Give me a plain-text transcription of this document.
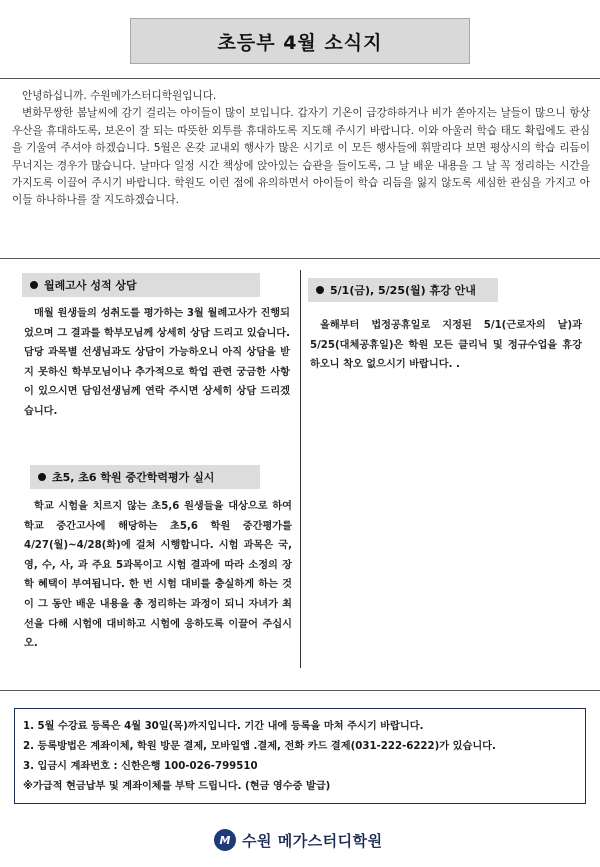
초등부 4월 소식지

안녕하십니까. 수원메가스터디학원입니다.

변화무쌍한 봄날씨에 감기 걸리는 아이들이 많이 보입니다. 갑자기 기온이 급강하하거나 비가 쏟아지는 날들이 많으니 항상 우산을 휴대하도록, 보온이 잘 되는 따뜻한 외투를 휴대하도록 지도해 주시기 바랍니다. 이와 아울러 학습 태도 확립에도 관심을 기울여 주셔야 하겠습니다. 5월은 온갖 교내외 행사가 많은 시기로 이 모든 행사들에 휘말리다 보면 평상시의 학습 리듬이 무너지는 경우가 많습니다. 날마다 일정 시간 책상에 앉아있는 습관을 들이도록, 그 날 배운 내용을 그 날 꼭 정리하는 시간을 가지도록 이끌어 주시기 바랍니다. 학원도 이런 점에 유의하면서 아이들이 학습 리듬을 잃지 않도록 세심한 관심을 가지고 아이들 하나하나를 잘 지도하겠습니다.

월례고사 성적 상담

매월 원생들의 성취도를 평가하는 3월 월례고사가 진행되었으며 그 결과를 학부모님께 상세히 상담 드리고 있습니다. 담당 과목별 선생님과도 상담이 가능하오니 아직 상담을 받지 못하신 학부모님이나 추가적으로 학업 관련 궁금한 사항이 있으시면 담임선생님께 연락 주시면 상세히 상담 드리겠습니다.

초5, 초6 학원 중간학력평가 실시

학교 시험을 치르지 않는 초5,6 원생들을 대상으로 하여 학교 중간고사에 해당하는 초5,6 학원 중간평가를 4/27(월)~4/28(화)에 걸쳐 시행합니다. 시험 과목은 국, 영, 수, 사, 과 주요 5과목이고 시험 결과에 따라 소정의 장학 혜택이 부여됩니다. 한 번 시험 대비를 충실하게 하는 것이 그 동안 배운 내용을 총 정리하는 과정이 되니 자녀가 최선을 다해 시험에 대비하고 시험에 응하도록 이끌어 주십시오.

5/1(금), 5/25(월) 휴강 안내

올해부터 법정공휴일로 지정된 5/1(근로자의 날)과 5/25(대체공휴일)은 학원 모든 클리닉 및 정규수업을 휴강하오니 착오 없으시기 바랍니다. .

1. 5월 수강료 등록은 4월 30일(목)까지입니다. 기간 내에 등록을 마쳐 주시기 바랍니다.
2. 등록방법은 계좌이체, 학원 방문 결제, 모바일앱 .결제, 전화 카드 결제(031-222-6222)가 있습니다.
3. 입금시 계좌번호 : 신한은행 100-026-799510
※가급적 현금납부 및 계좌이체를 부탁 드립니다. (현금 영수증 발급)
M 수원 메가스터디학원
